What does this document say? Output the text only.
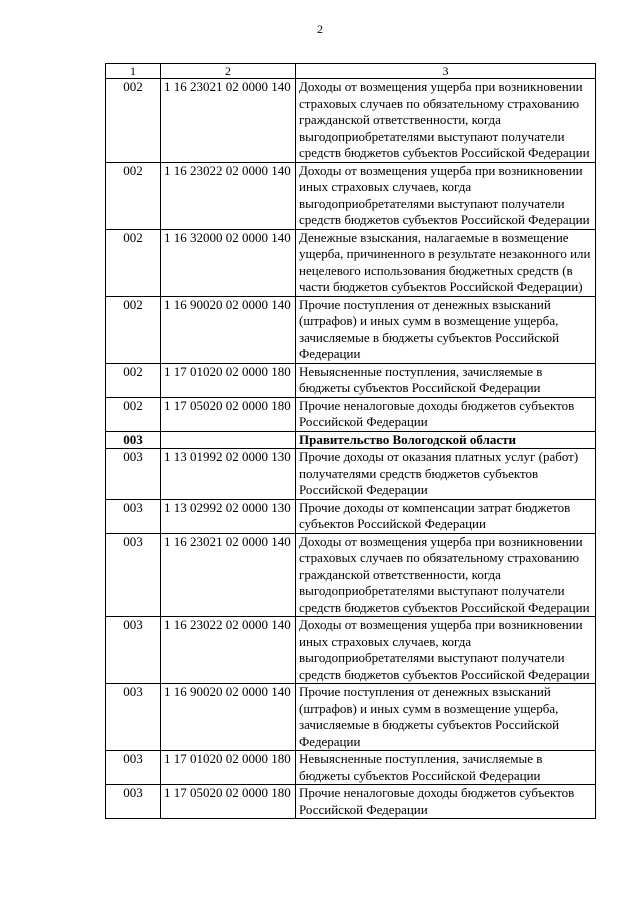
2
1	2	3
002	1 16 23021 02 0000 140	Доходы от возмещения ущерба при возникновении
страховых случаев по обязательному страхованию
гражданской ответственности, когда
выгодоприобретателями выступают получатели
средств бюджетов субъектов Российской Федерации

002	1 16 23022 02 0000 140	Доходы от возмещения ущерба при возникновении
иных страховых случаев, когда
выгодоприобретателями выступают получатели
средств бюджетов субъектов Российской Федерации

002	1 16 32000 02 0000 140	Денежные взыскания, налагаемые в возмещение
ущерба, причиненного в результате незаконного или
нецелевого использования бюджетных средств (в
части бюджетов субъектов Российской Федерации)

002	1 16 90020 02 0000 140	Прочие поступления от денежных взысканий
(штрафов) и иных сумм в возмещение ущерба,
зачисляемые в бюджеты субъектов Российской
Федерации

002	1 17 01020 02 0000 180	Невыясненные поступления, зачисляемые в
бюджеты субъектов Российской Федерации

002	1 17 05020 02 0000 180	Прочие неналоговые доходы бюджетов субъектов
Российской Федерации

003		Правительство Вологодской области

003	1 13 01992 02 0000 130	Прочие доходы от оказания платных услуг (работ)
получателями средств бюджетов субъектов
Российской Федерации

003	1 13 02992 02 0000 130	Прочие доходы от компенсации затрат бюджетов
субъектов Российской Федерации

003	1 16 23021 02 0000 140	Доходы от возмещения ущерба при возникновении
страховых случаев по обязательному страхованию
гражданской ответственности, когда
выгодоприобретателями выступают получатели
средств бюджетов субъектов Российской Федерации

003	1 16 23022 02 0000 140	Доходы от возмещения ущерба при возникновении
иных страховых случаев, когда
выгодоприобретателями выступают получатели
средств бюджетов субъектов Российской Федерации

003	1 16 90020 02 0000 140	Прочие поступления от денежных взысканий
(штрафов) и иных сумм в возмещение ущерба,
зачисляемые в бюджеты субъектов Российской
Федерации

003	1 17 01020 02 0000 180	Невыясненные поступления, зачисляемые в
бюджеты субъектов Российской Федерации

003	1 17 05020 02 0000 180	Прочие неналоговые доходы бюджетов субъектов
Российской Федерации
